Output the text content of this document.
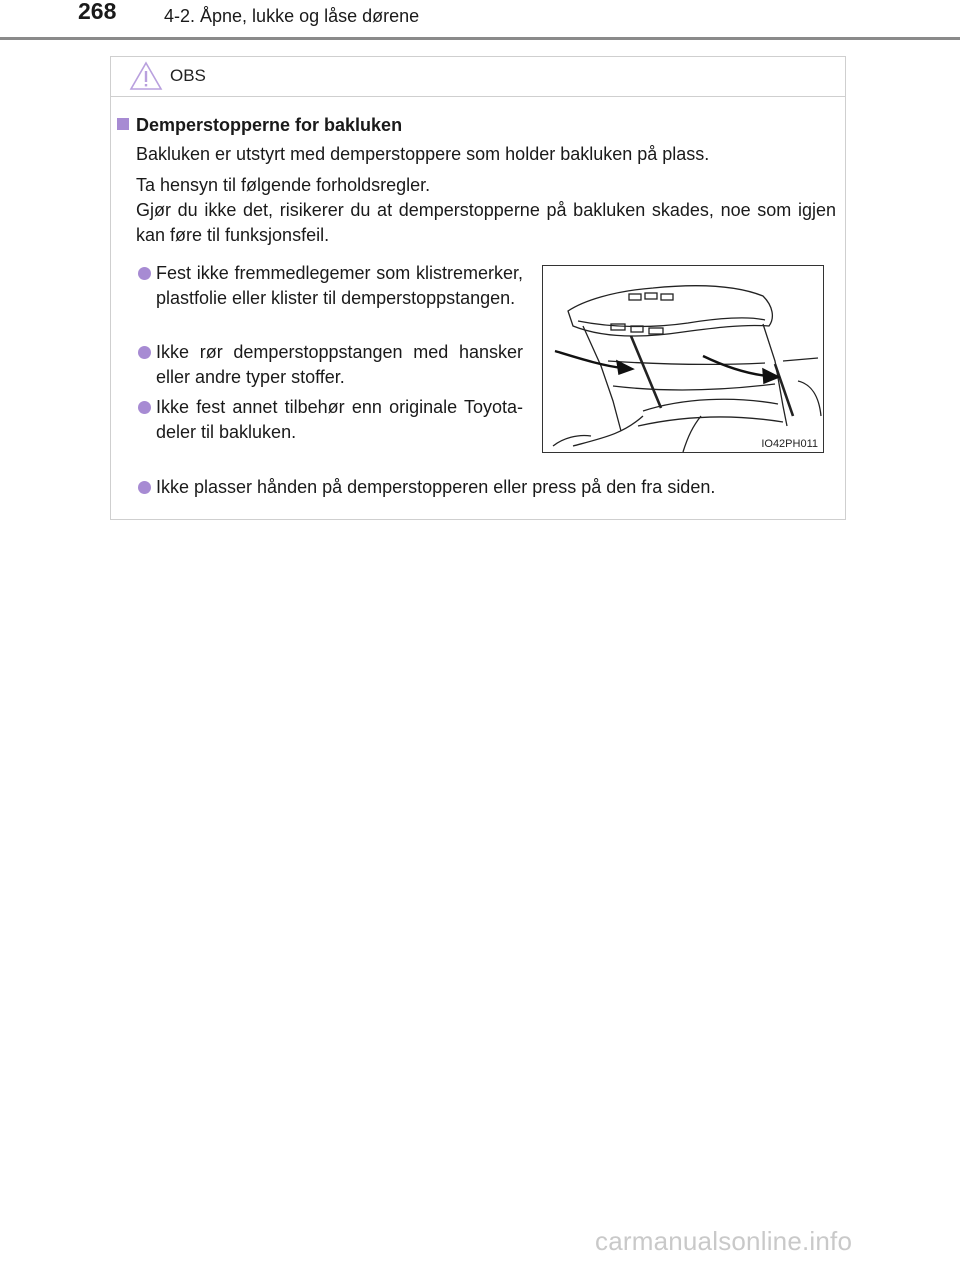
268	4-2. Åpne, lukke og låse dørene
OBS
Demperstopperne for bakluken
Bakluken er utstyrt med demperstoppere som holder bakluken på plass.
Ta hensyn til følgende forholdsregler.
Gjør du ikke det, risikerer du at demperstopperne på bakluken skades, noe som igjen kan føre til funksjonsfeil.
Fest ikke fremmedlegemer som klistremerker, plastfolie eller klister til demperstoppstangen.
Ikke rør demperstoppstangen med hansker eller andre typer stoffer.
Ikke fest annet tilbehør enn originale Toyota-deler til bakluken.
Ikke plasser hånden på demperstopperen eller press på den fra siden.
IO42PH011
carmanualsonline.info
